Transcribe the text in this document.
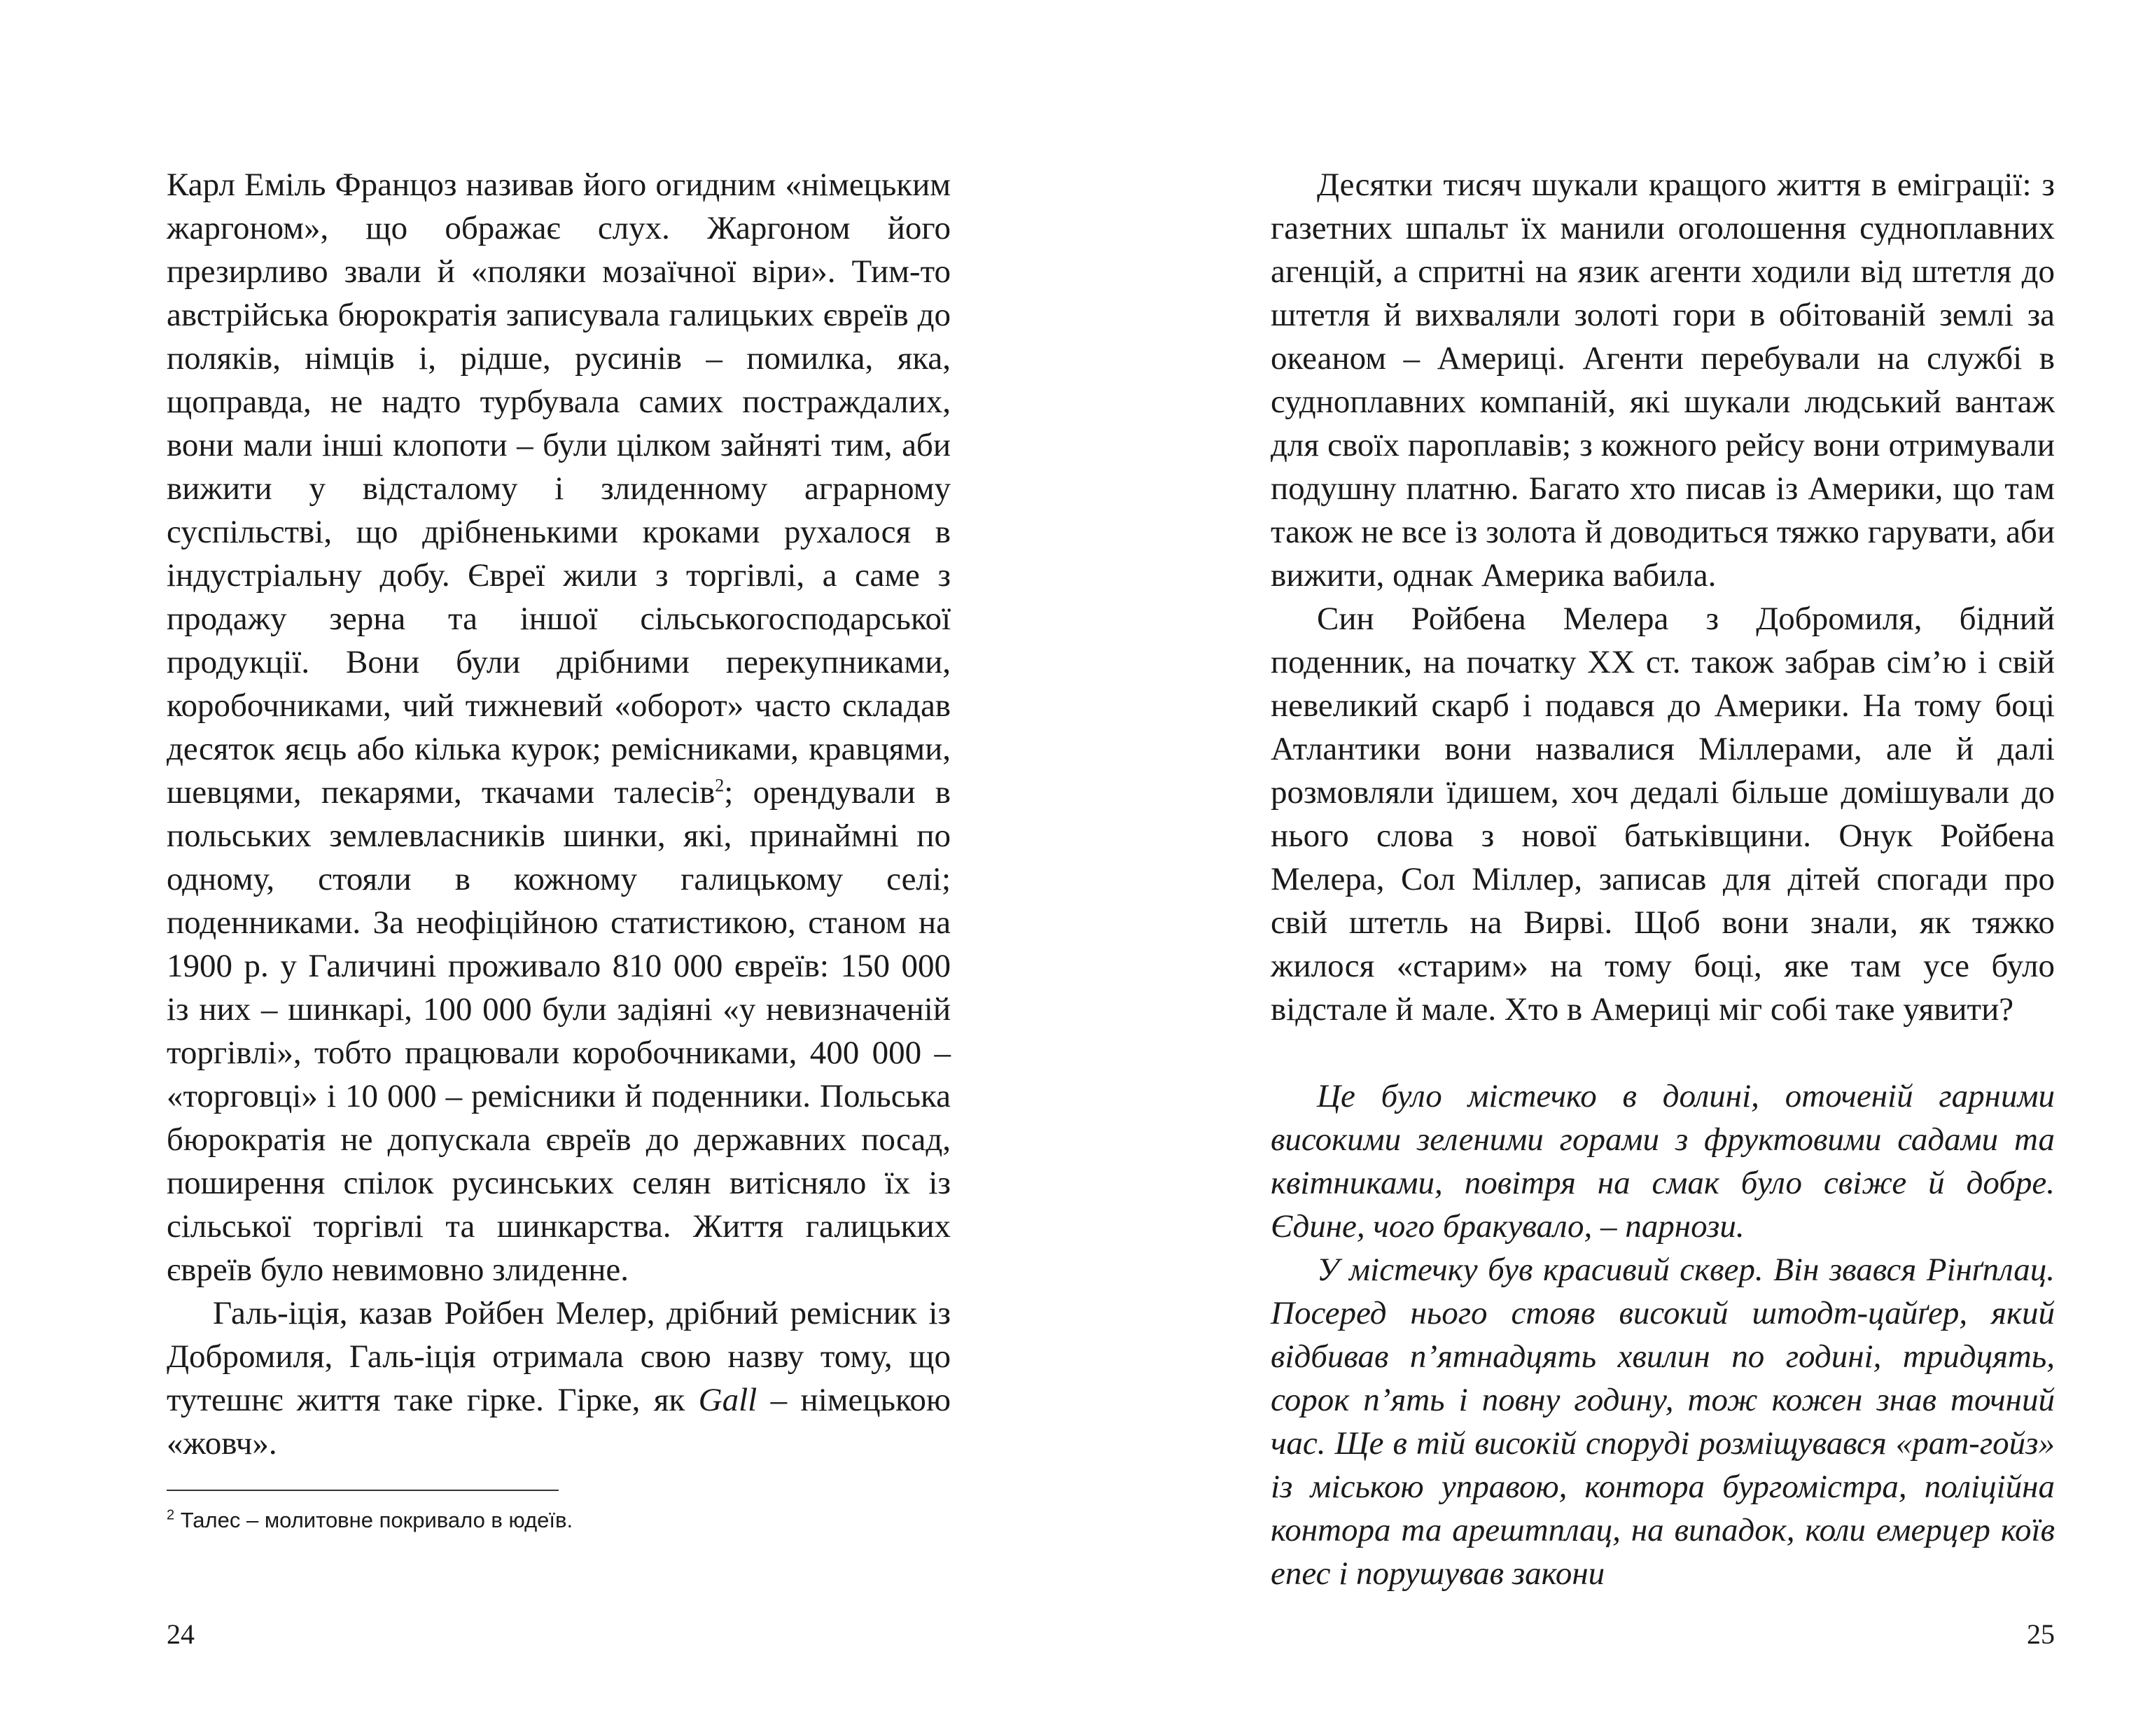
Карл Еміль Францоз називав його огидним «німецьким жаргоном», що ображає слух. Жаргоном його презирливо звали й «поляки мозаїчної віри». Тим-то австрійська бюрократія записувала галицьких євреїв до поляків, німців і, рідше, русинів – помилка, яка, щоправда, не надто турбувала самих постраждалих, вони мали інші клопоти – були цілком зайняті тим, аби вижити у відсталому і злиденному аграрному суспільстві, що дрібненькими кроками рухалося в індустріальну добу. Євреї жили з торгівлі, а саме з продажу зерна та іншої сільськогосподарської продукції. Вони були дрібними перекупниками, коробочниками, чий тижневий «оборот» часто складав десяток яєць або кілька курок; ремісниками, кравцями, шевцями, пекарями, ткачами талесів$^2$; орендували в польських землевласників шинки, які, принаймні по одному, стояли в кожному галицькому селі; поденниками. За неофіційною статистикою, станом на 1900 р. у Галичині проживало 810 000 євреїв: 150 000 із них – шинкарі, 100 000 були задіяні «у невизначеній торгівлі», тобто працювали коробочниками, 400 000 – «торговці» і 10 000 – ремісники й поденники. Польська бюрократія не допускала євреїв до державних посад, поширення спілок русинських селян витісняло їх із сільської торгівлі та шинкарства. Життя галицьких євреїв було невимовно злиденне.

Галь-іція, казав Ройбен Мелер, дрібний ремісник із Добромиля, Галь-іція отримала свою назву тому, що тутешнє життя таке гірке. Гірке, як Gall – німецькою «жовч».

$^2$ Талес – молитовне покривало в юдеїв.
24

Десятки тисяч шукали кращого життя в еміграції: з газетних шпальт їх манили оголошення судноплавних агенцій, а спритні на язик агенти ходили від штетля до штетля й вихваляли золоті гори в обітованій землі за океаном – Америці. Агенти перебували на службі в судноплавних компаній, які шукали людський вантаж для своїх пароплавів; з кожного рейсу вони отримували подушну платню. Багато хто писав із Америки, що там також не все із золота й доводиться тяжко гарувати, аби вижити, однак Америка вабила.

Син Ройбена Мелера з Добромиля, бідний поденник, на початку XX ст. також забрав сім’ю і свій невеликий скарб і подався до Америки. На тому боці Атлантики вони назвалися Міллерами, але й далі розмовляли їдишем, хоч дедалі більше домішували до нього слова з нової батьківщини. Онук Ройбена Мелера, Сол Міллер, записав для дітей спогади про свій штетль на Вирві. Щоб вони знали, як тяжко жилося «старим» на тому боці, яке там усе було відстале й мале. Хто в Америці міг собі таке уявити?

Це було містечко в долині, оточеній гарними високими зеленими горами з фруктовими садами та квітниками, повітря на смак було свіже й добре. Єдине, чого бракувало, – парнози.

У містечку був красивий сквер. Він звався Рінґплац. Посеред нього стояв високий штодт-цайґер, який відбивав п’ятнадцять хвилин по годині, тридцять, сорок п’ять і повну годину, тож кожен знав точний час. Ще в тій високій споруді розміщувався «рат-гойз» із міською управою, контора бургомістра, поліційна контора та арештплац, на випадок, коли емерцер коїв епес і порушував закони

25
